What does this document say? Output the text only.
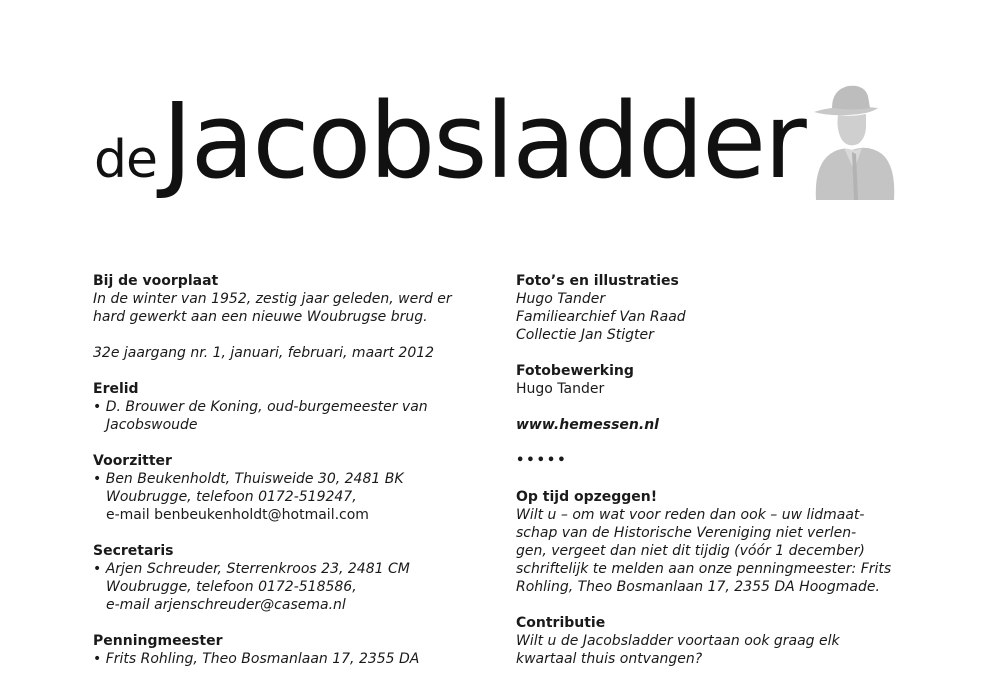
de Jacobsladder
Bij de voorplaat
In de winter van 1952, zestig jaar geleden, werd er
hard gewerkt aan een nieuwe Woubrugse brug.
32e jaargang nr. 1, januari, februari, maart 2012
Erelid
• D. Brouwer de Koning, oud-burgemeester van
Jacobswoude
Voorzitter
• Ben Beukenholdt, Thuisweide 30, 2481 BK
Woubrugge, telefoon 0172-519247,
e-mail benbeukenholdt@hotmail.com
Secretaris
• Arjen Schreuder, Sterrenkroos 23, 2481 CM
Woubrugge, telefoon 0172-518586,
e-mail arjenschreuder@casema.nl
Penningmeester
• Frits Rohling, Theo Bosmanlaan 17, 2355 DA
Foto’s en illustraties
Hugo Tander
Familiearchief Van Raad
Collectie Jan Stigter
Fotobewerking
Hugo Tander
www.hemessen.nl
•••••
Op tijd opzeggen!
Wilt u – om wat voor reden dan ook – uw lidmaat-
schap van de Historische Vereniging niet verlen-
gen, vergeet dan niet dit tijdig (vóór 1 december)
schriftelijk te melden aan onze penningmeester: Frits
Rohling, Theo Bosmanlaan 17, 2355 DA Hoogmade.
Contributie
Wilt u de Jacobsladder voortaan ook graag elk
kwartaal thuis ontvangen?
